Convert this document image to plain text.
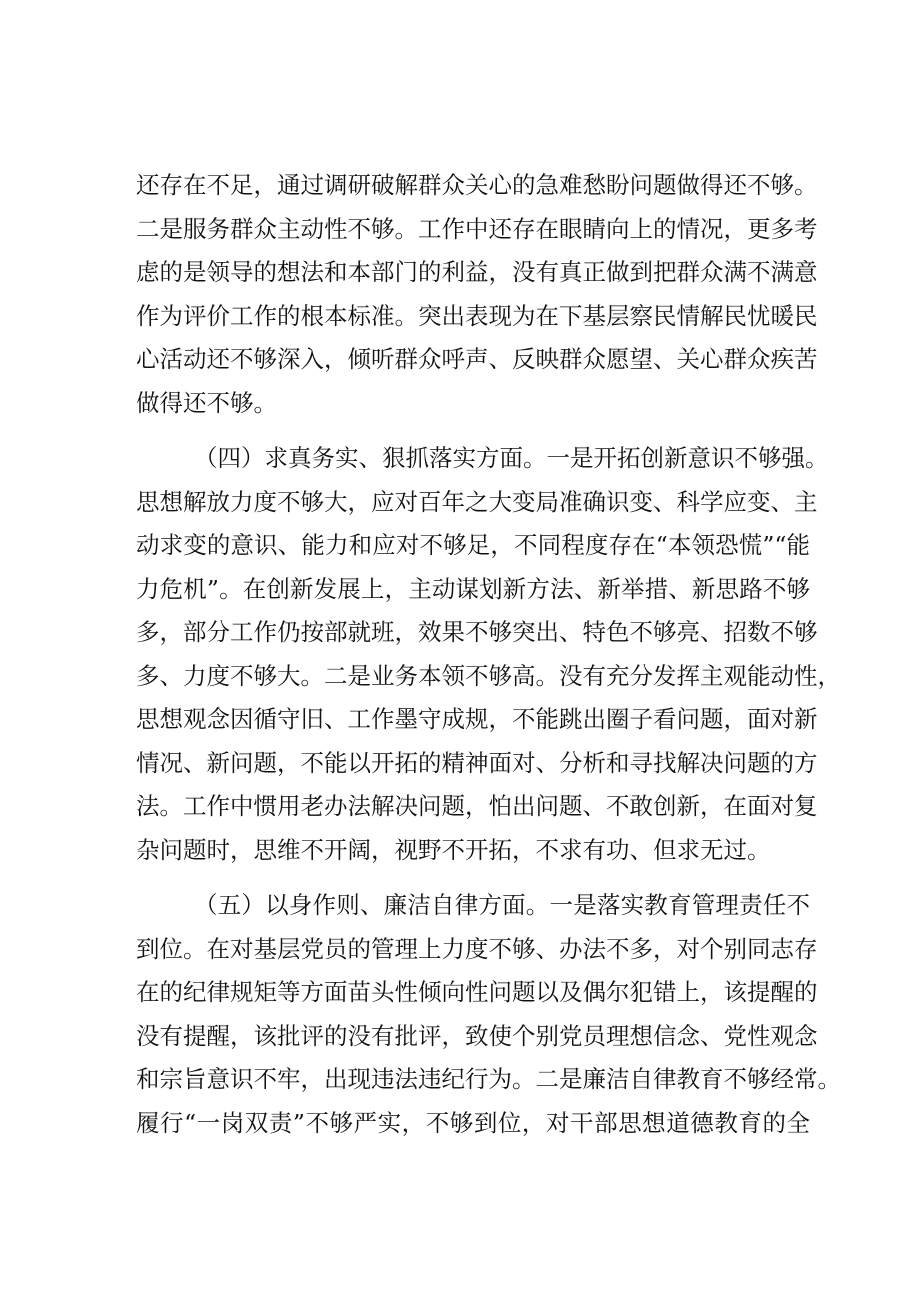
还存在不足，通过调研破解群众关心的急难愁盼问题做得还不够。
二是服务群众主动性不够。工作中还存在眼睛向上的情况，更多考
虑的是领导的想法和本部门的利益，没有真正做到把群众满不满意
作为评价工作的根本标准。突出表现为在下基层察民情解民忧暖民
心活动还不够深入，倾听群众呼声、反映群众愿望、关心群众疾苦
做得还不够。
（四）求真务实、狠抓落实方面。一是开拓创新意识不够强。
思想解放力度不够大，应对百年之大变局准确识变、科学应变、主
动求变的意识、能力和应对不够足，不同程度存在“本领恐慌”“能
力危机”。在创新发展上，主动谋划新方法、新举措、新思路不够
多，部分工作仍按部就班，效果不够突出、特色不够亮、招数不够
多、力度不够大。二是业务本领不够高。没有充分发挥主观能动性，
思想观念因循守旧、工作墨守成规，不能跳出圈子看问题，面对新
情况、新问题，不能以开拓的精神面对、分析和寻找解决问题的方
法。工作中惯用老办法解决问题，怕出问题、不敢创新，在面对复
杂问题时，思维不开阔，视野不开拓，不求有功、但求无过。
（五）以身作则、廉洁自律方面。一是落实教育管理责任不
到位。在对基层党员的管理上力度不够、办法不多，对个别同志存
在的纪律规矩等方面苗头性倾向性问题以及偶尔犯错上，该提醒的
没有提醒，该批评的没有批评，致使个别党员理想信念、党性观念
和宗旨意识不牢，出现违法违纪行为。二是廉洁自律教育不够经常。
履行“一岗双责”不够严实，不够到位，对干部思想道德教育的全
